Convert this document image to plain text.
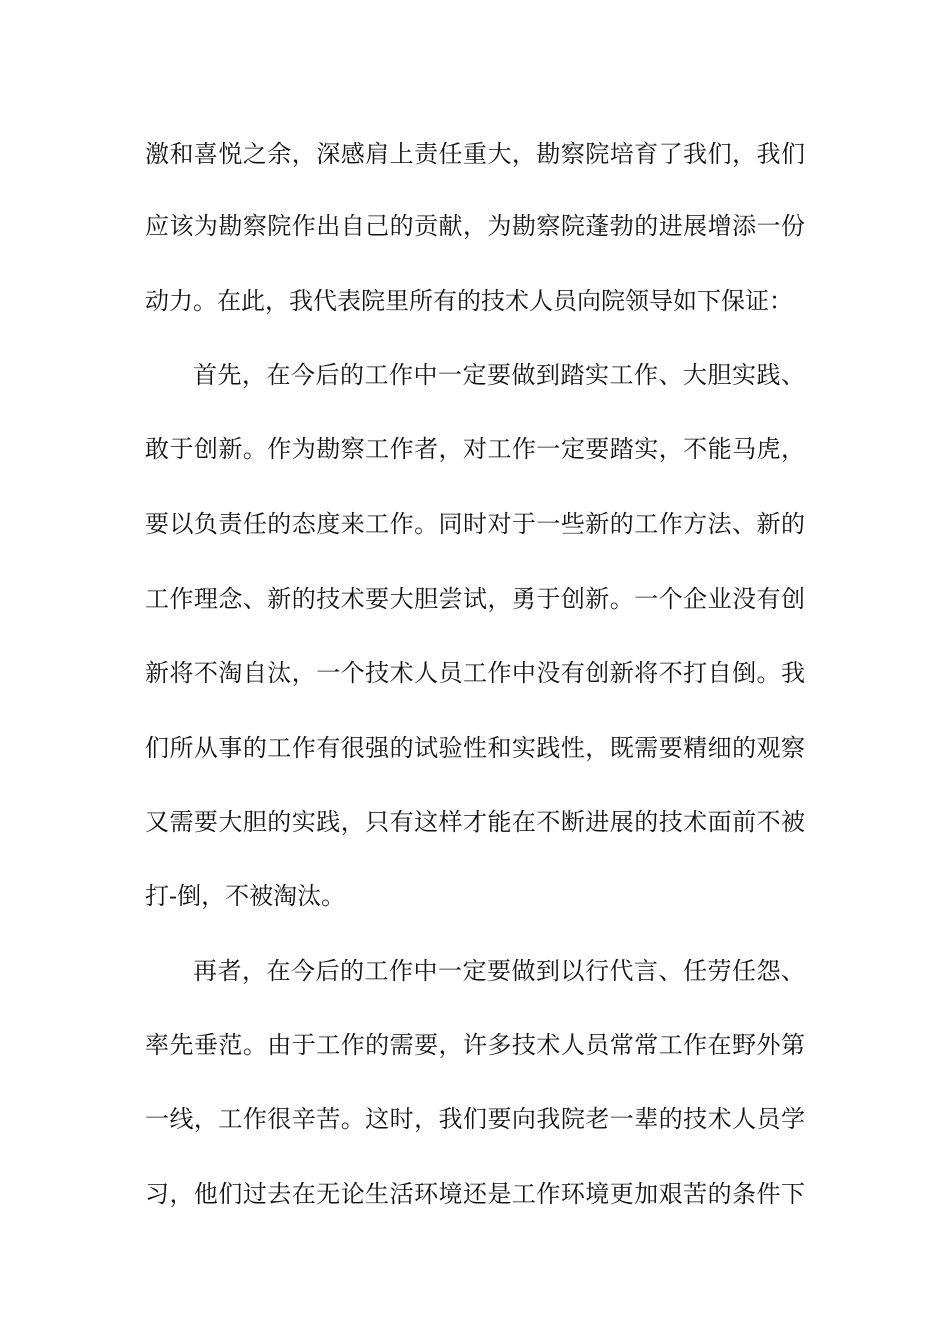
激和喜悦之余，深感肩上责任重大，勘察院培育了我们，我们
应该为勘察院作出自己的贡献，为勘察院蓬勃的进展增添一份
动力。在此，我代表院里所有的技术人员向院领导如下保证：
首先，在今后的工作中一定要做到踏实工作、大胆实践、
敢于创新。作为勘察工作者，对工作一定要踏实，不能马虎，
要以负责任的态度来工作。同时对于一些新的工作方法、新的
工作理念、新的技术要大胆尝试，勇于创新。一个企业没有创
新将不淘自汰，一个技术人员工作中没有创新将不打自倒。我
们所从事的工作有很强的试验性和实践性，既需要精细的观察
又需要大胆的实践，只有这样才能在不断进展的技术面前不被
打-倒，不被淘汰。
再者，在今后的工作中一定要做到以行代言、任劳任怨、
率先垂范。由于工作的需要，许多技术人员常常工作在野外第
一线，工作很辛苦。这时，我们要向我院老一辈的技术人员学
习，他们过去在无论生活环境还是工作环境更加艰苦的条件下
